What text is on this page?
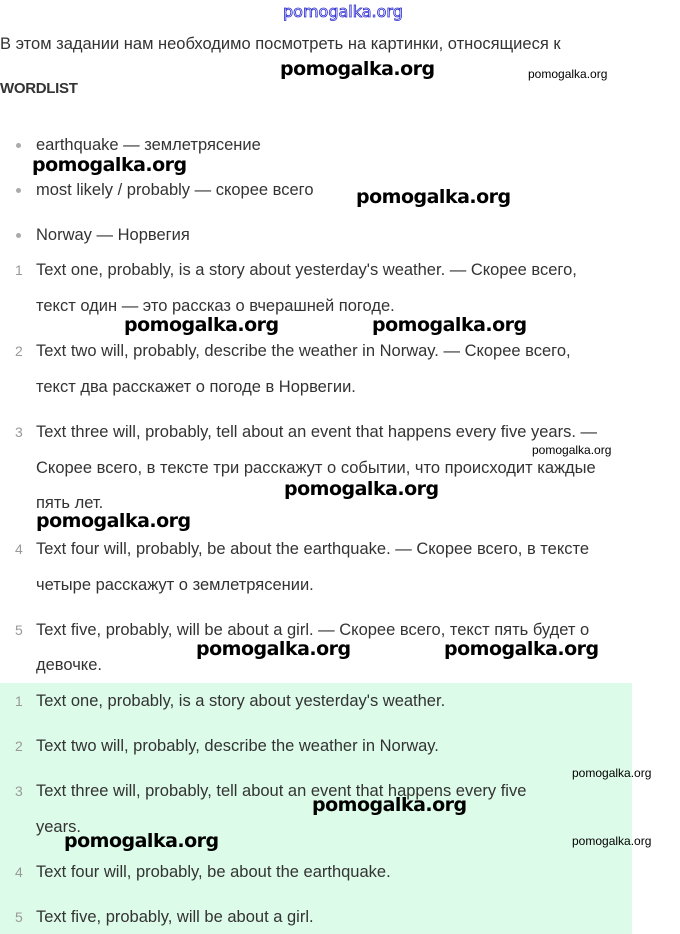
В этом задании нам необходимо посмотреть на картинки, относящиеся к
WORDLIST
earthquake — землетрясение
most likely / probably — скорее всего
Norway — Норвегия
1 Text one, probably, is a story about yesterday's weather. — Скорее всего,
текст один — это рассказ о вчерашней погоде.
2 Text two will, probably, describe the weather in Norway. — Скорее всего,
текст два расскажет о погоде в Норвегии.
3 Text three will, probably, tell about an event that happens every five years. —
Скорее всего, в тексте три расскажут о событии, что происходит каждые
пять лет.
4 Text four will, probably, be about the earthquake. — Скорее всего, в тексте
четыре расскажут о землетрясении.
5 Text five, probably, will be about a girl. — Скорее всего, текст пять будет о
девочке.
1 Text one, probably, is a story about yesterday's weather.
2 Text two will, probably, describe the weather in Norway.
3 Text three will, probably, tell about an event that happens every five
years.
4 Text four will, probably, be about the earthquake.
5 Text five, probably, will be about a girl.
pomogalka.org
pomogalka.org	pomogalka.org
pomogalka.org
pomogalka.org
pomogalka.org	pomogalka.org
pomogalka.org
pomogalka.org
pomogalka.org
pomogalka.org	pomogalka.org
pomogalka.org
pomogalka.org
pomogalka.org	pomogalka.org
